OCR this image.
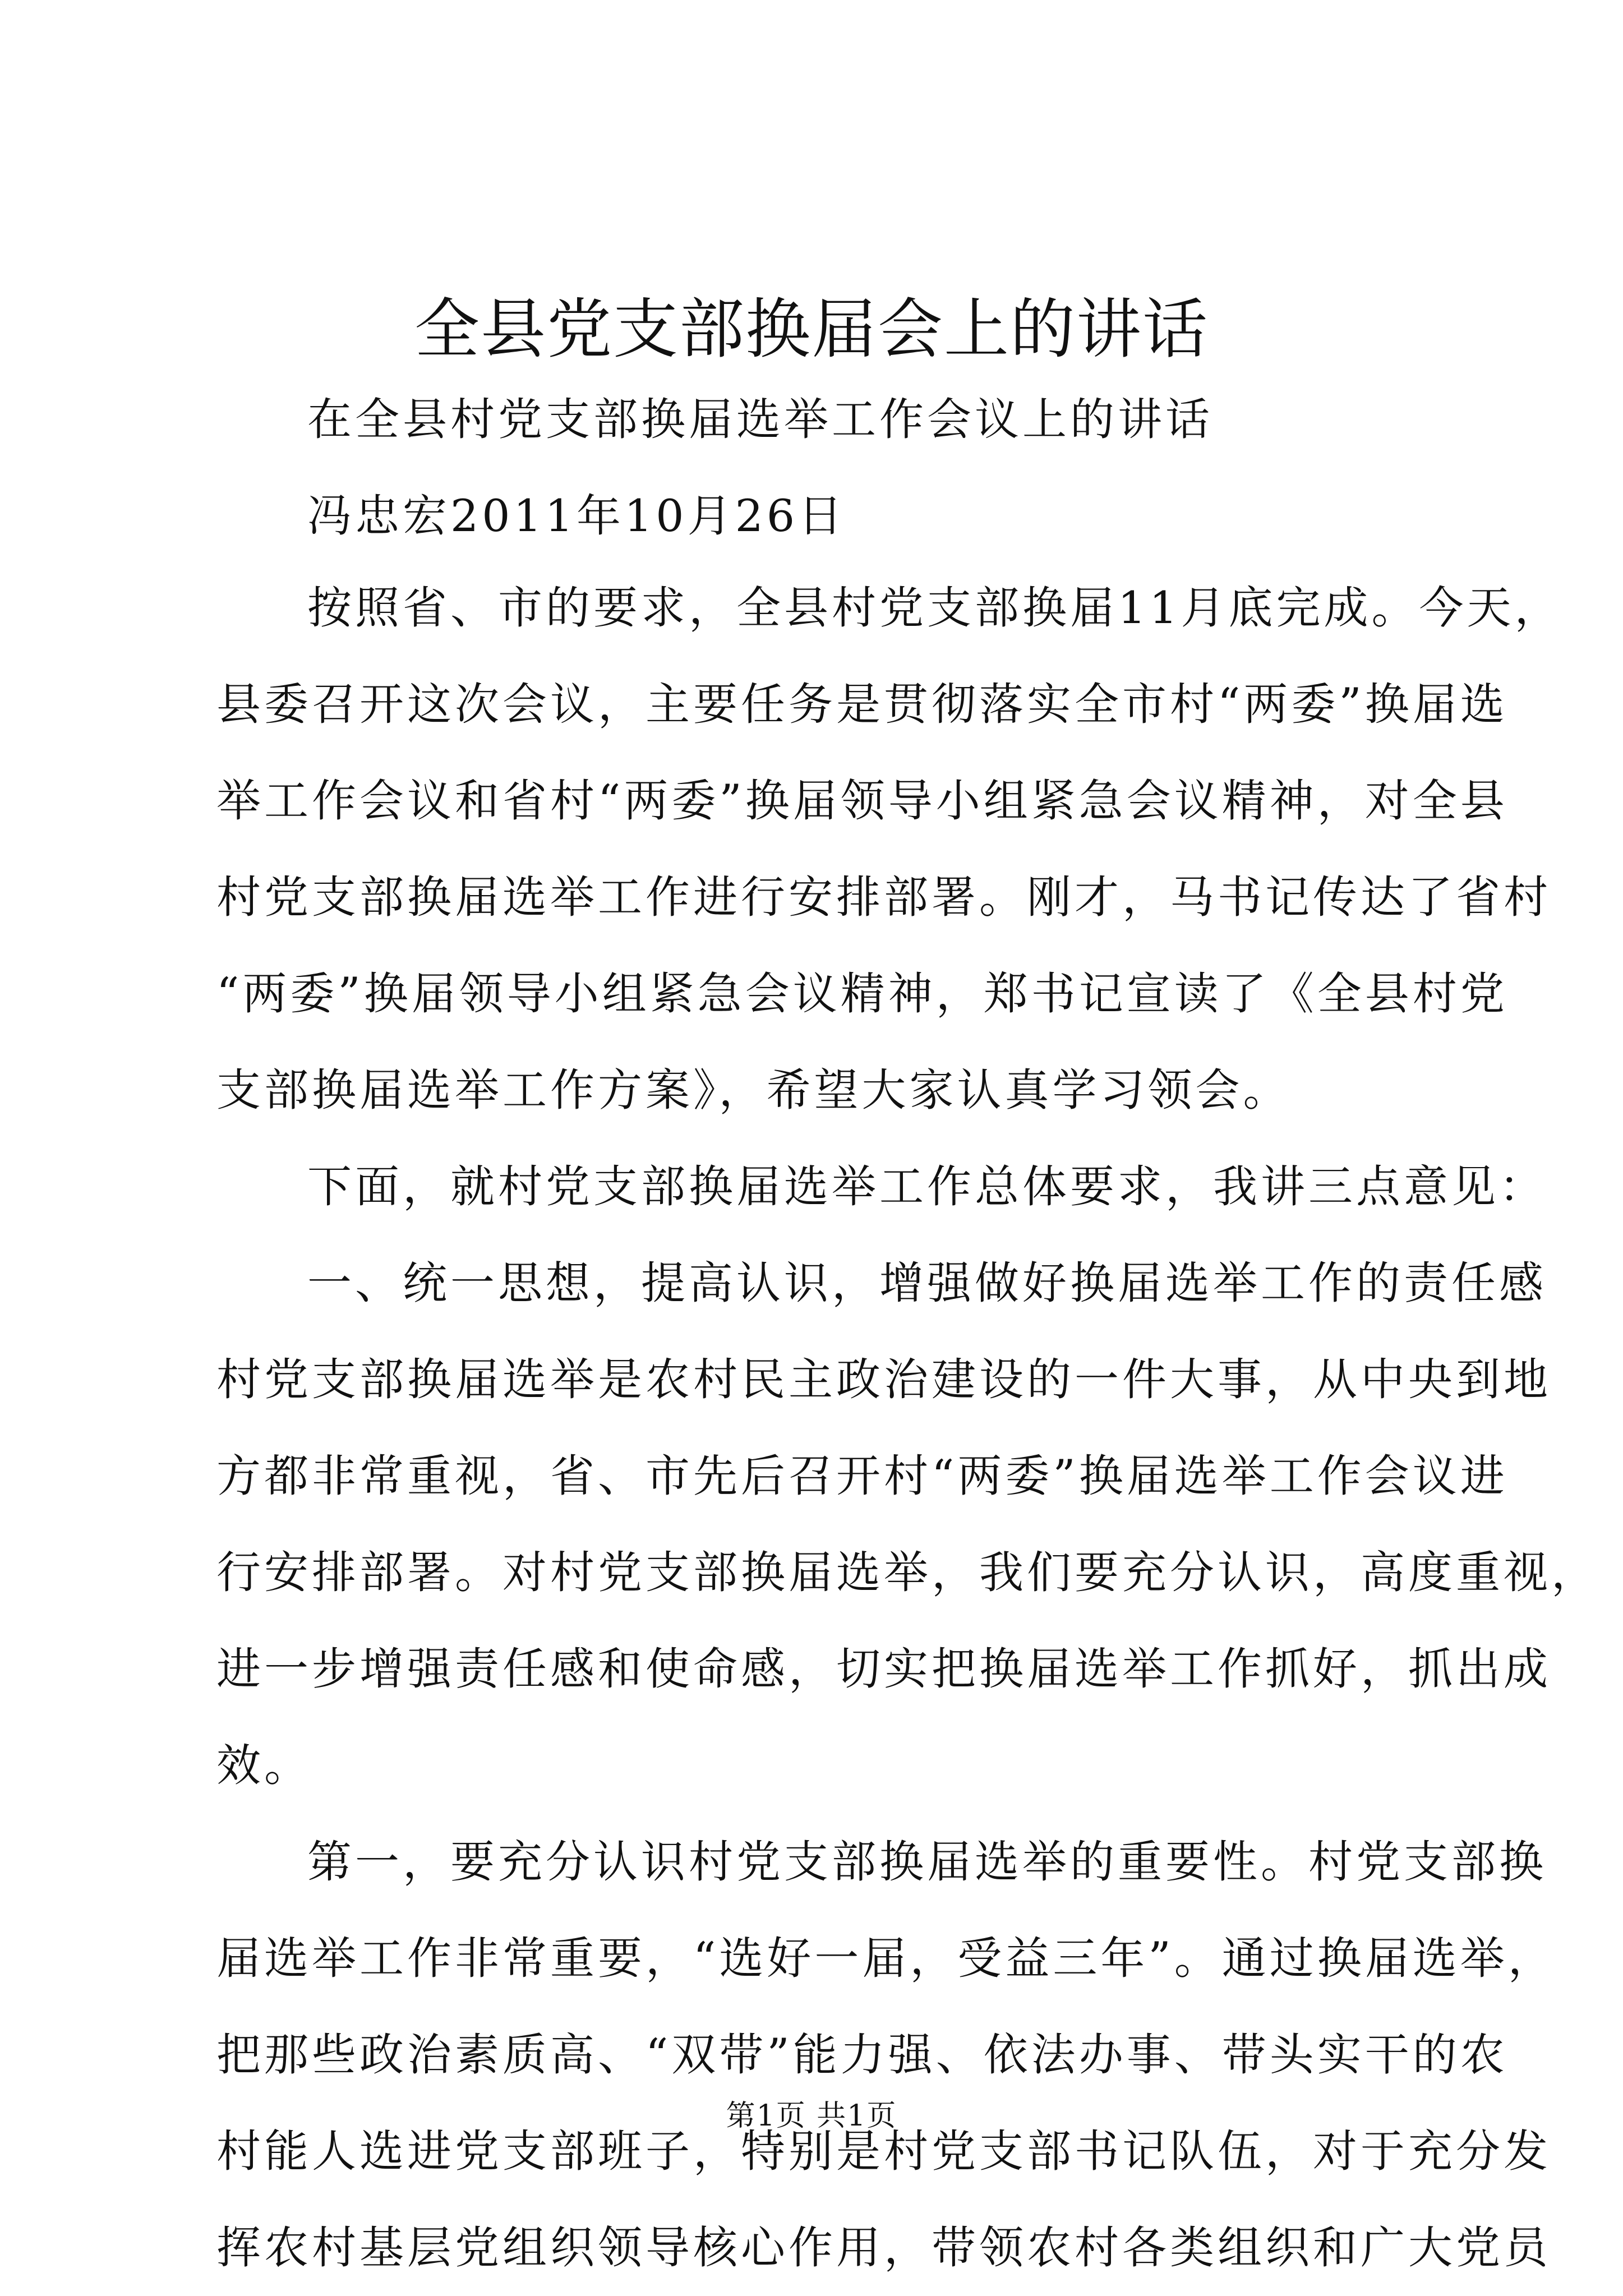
全县党支部换届会上的讲话
在全县村党支部换届选举工作会议上的讲话
冯忠宏2011年10月26日
按照省、市的要求，全县村党支部换届11月底完成。今天，
县委召开这次会议，主要任务是贯彻落实全市村“两委”换届选
举工作会议和省村“两委”换届领导小组紧急会议精神，对全县
村党支部换届选举工作进行安排部署。刚才，马书记传达了省村
“两委”换届领导小组紧急会议精神，郑书记宣读了《全县村党
支部换届选举工作方案》，希望大家认真学习领会。
下面，就村党支部换届选举工作总体要求，我讲三点意见：
一、统一思想，提高认识，增强做好换届选举工作的责任感
村党支部换届选举是农村民主政治建设的一件大事，从中央到地
方都非常重视，省、市先后召开村“两委”换届选举工作会议进
行安排部署。对村党支部换届选举，我们要充分认识，高度重视，
进一步增强责任感和使命感，切实把换届选举工作抓好，抓出成
效。
第一，要充分认识村党支部换届选举的重要性。村党支部换
届选举工作非常重要，“选好一届，受益三年”。通过换届选举，
把那些政治素质高、“双带”能力强、依法办事、带头实干的农
村能人选进党支部班子，特别是村党支部书记队伍，对于充分发
挥农村基层党组织领导核心作用，带领农村各类组织和广大党员
第1页 共1页
